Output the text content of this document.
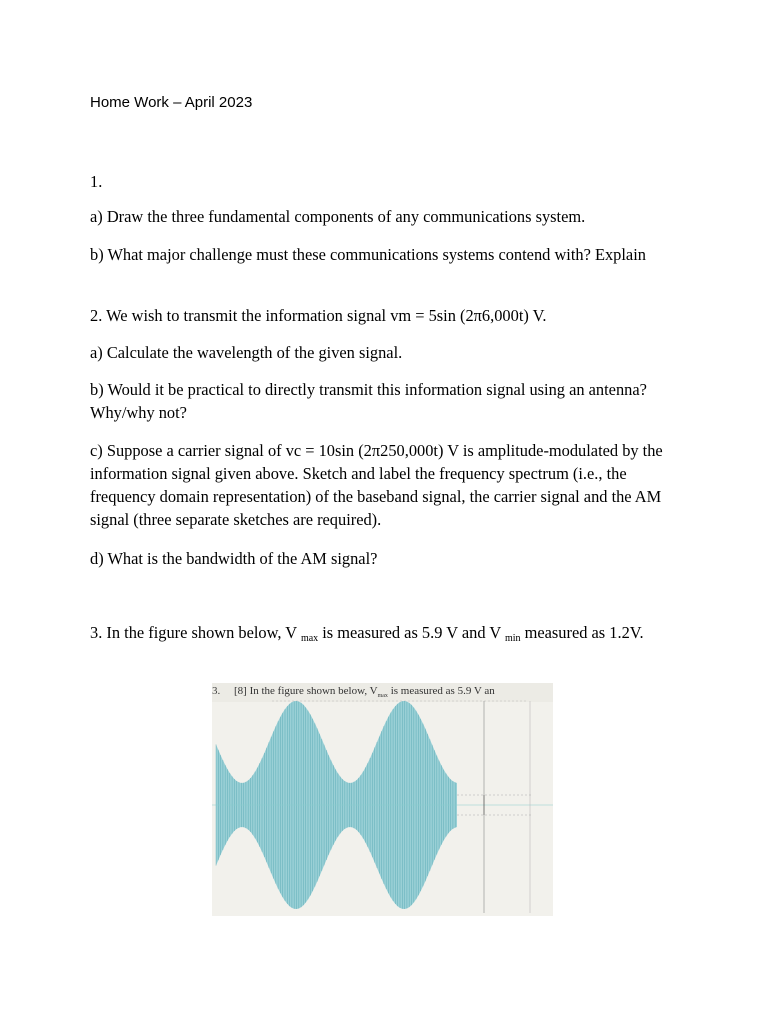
Home Work – April 2023

1.

a) Draw the three fundamental components of any communications system.

b) What major challenge must these communications systems contend with? Explain

2. We wish to transmit the information signal vm = 5sin (2π6,000t) V.

a) Calculate the wavelength of the given signal.

b) Would it be practical to directly transmit this information signal using an antenna? Why/why not?

c) Suppose a carrier signal of vc = 10sin (2π250,000t) V is amplitude-modulated by the information signal given above. Sketch and label the frequency spectrum (i.e., the frequency domain representation) of the baseband signal, the carrier signal and the AM signal (three separate sketches are required).

d) What is the bandwidth of the AM signal?

3. In the figure shown below, V $_{max}$ is measured as 5.9 V and V $_{min}$ measured as 1.2V.

3. [8] In the figure shown below, $V_{max}$ is measured as 5.9 V an
